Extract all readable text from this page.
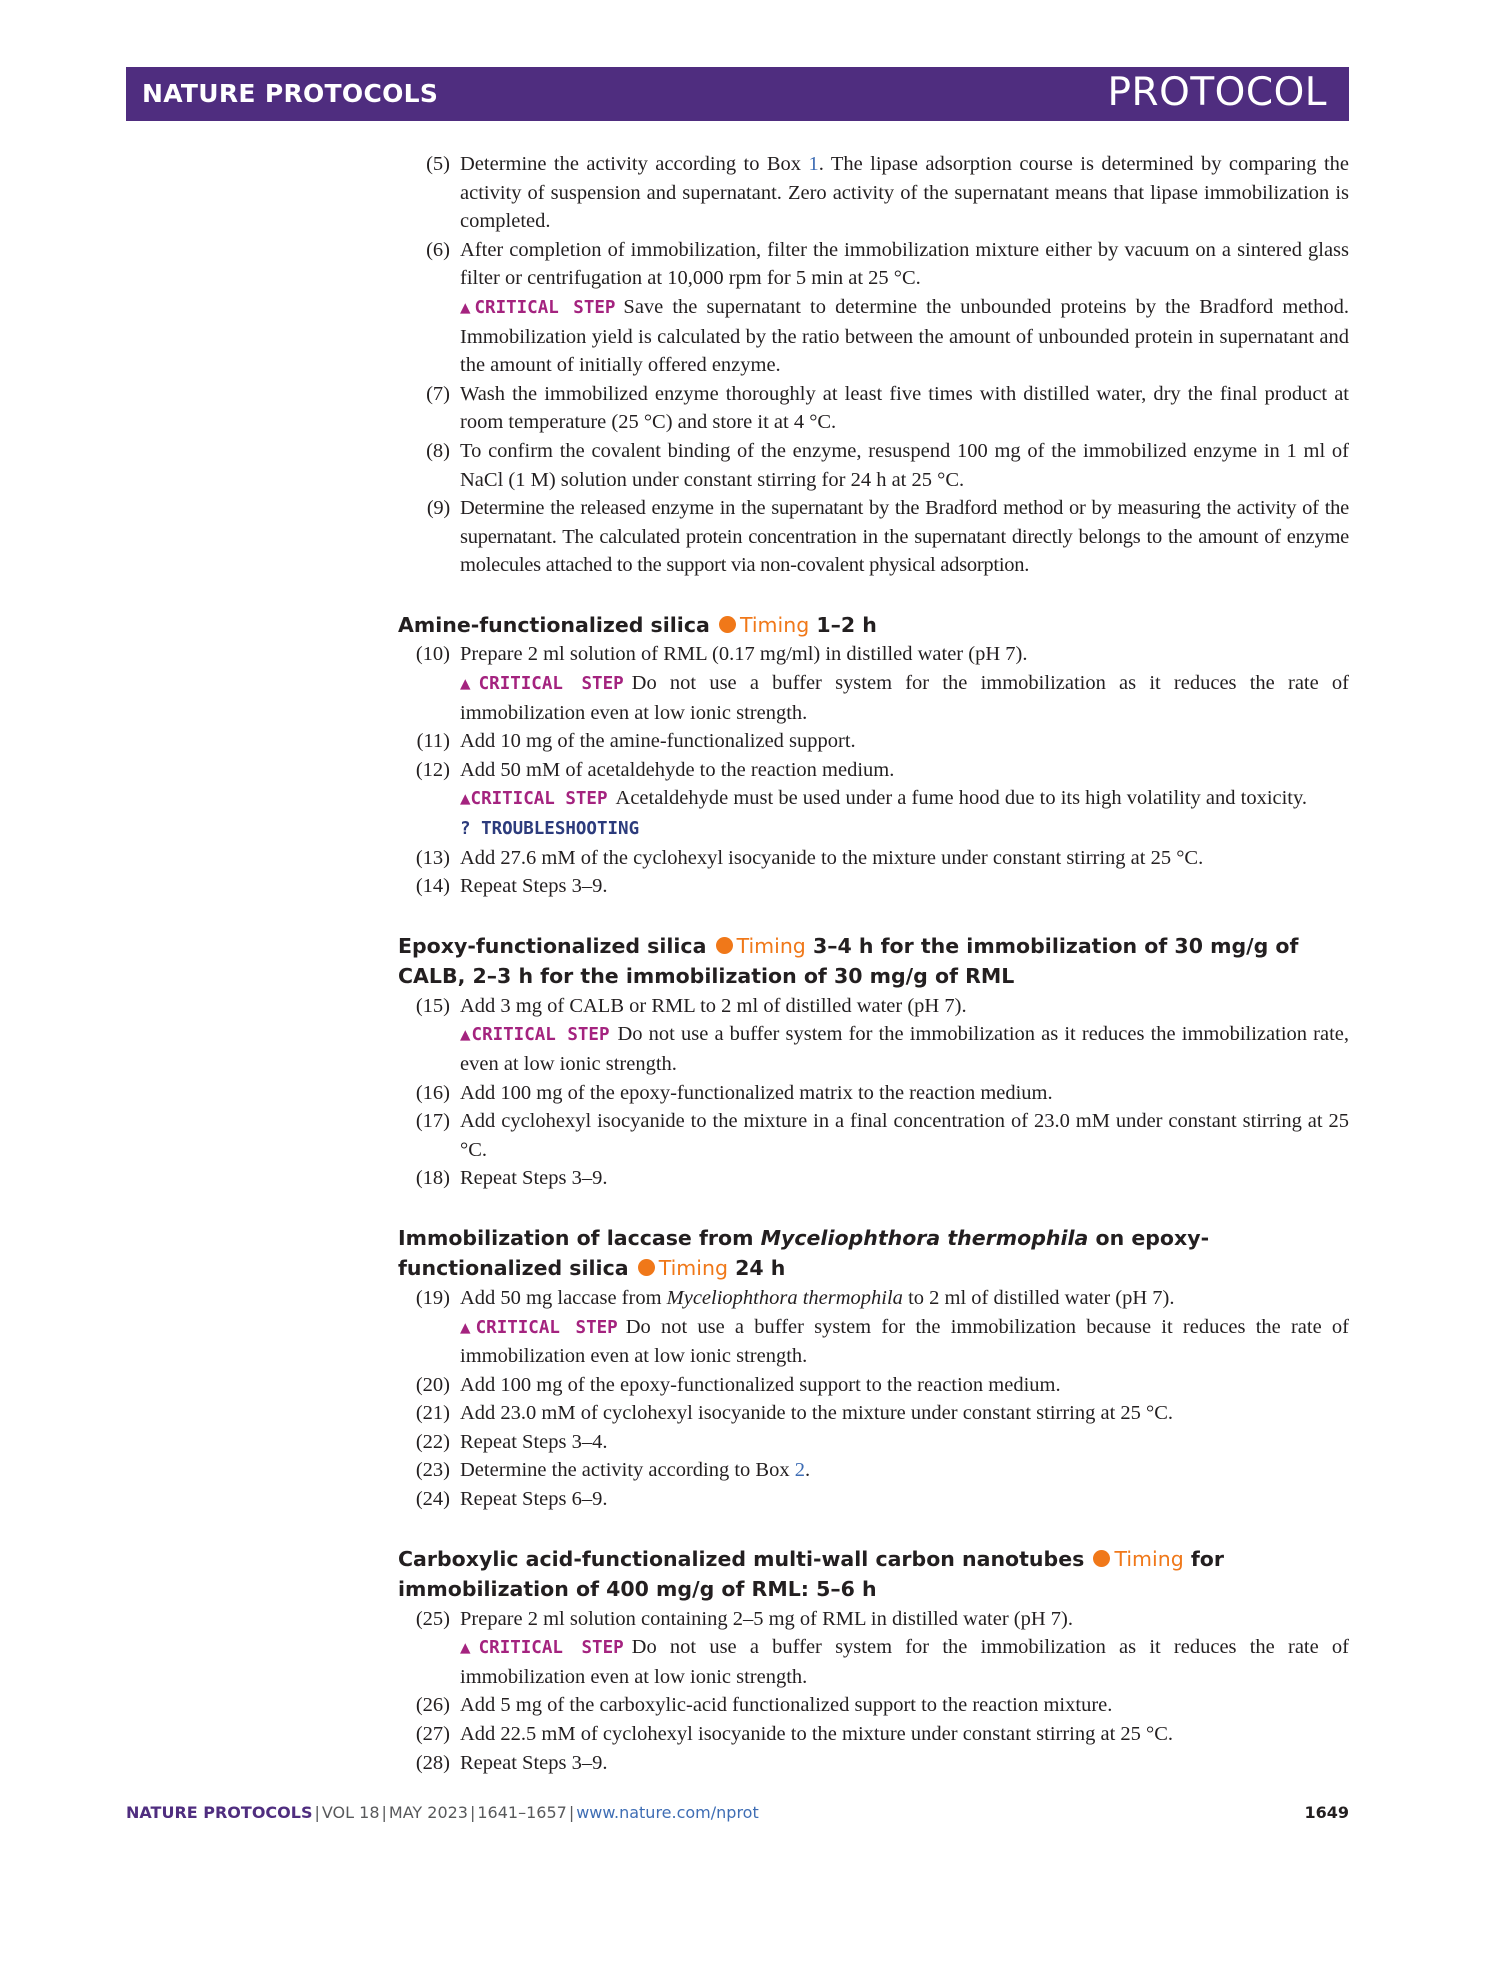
NATURE PROTOCOLS	PROTOCOL
(5) Determine the activity according to Box 1. The lipase adsorption course is determined by comparing the activity of suspension and supernatant. Zero activity of the supernatant means that lipase immobilization is completed.
(6) After completion of immobilization, filter the immobilization mixture either by vacuum on a sintered glass filter or centrifugation at 10,000 rpm for 5 min at 25 °C.
▲CRITICAL STEP Save the supernatant to determine the unbounded proteins by the Bradford method. Immobilization yield is calculated by the ratio between the amount of unbounded protein in supernatant and the amount of initially offered enzyme.
(7) Wash the immobilized enzyme thoroughly at least five times with distilled water, dry the final product at room temperature (25 °C) and store it at 4 °C.
(8) To confirm the covalent binding of the enzyme, resuspend 100 mg of the immobilized enzyme in 1 ml of NaCl (1 M) solution under constant stirring for 24 h at 25 °C.
(9) Determine the released enzyme in the supernatant by the Bradford method or by measuring the activity of the supernatant. The calculated protein concentration in the supernatant directly belongs to the amount of enzyme molecules attached to the support via non-covalent physical adsorption.
Amine-functionalized silica Timing 1–2 h
(10) Prepare 2 ml solution of RML (0.17 mg/ml) in distilled water (pH 7).
▲CRITICAL STEP Do not use a buffer system for the immobilization as it reduces the rate of immobilization even at low ionic strength.
(11) Add 10 mg of the amine-functionalized support.
(12) Add 50 mM of acetaldehyde to the reaction medium.
▲CRITICAL STEP Acetaldehyde must be used under a fume hood due to its high volatility and toxicity.
? TROUBLESHOOTING
(13) Add 27.6 mM of the cyclohexyl isocyanide to the mixture under constant stirring at 25 °C.
(14) Repeat Steps 3–9.
Epoxy-functionalized silica Timing 3–4 h for the immobilization of 30 mg/g of CALB, 2–3 h for the immobilization of 30 mg/g of RML
(15) Add 3 mg of CALB or RML to 2 ml of distilled water (pH 7).
▲CRITICAL STEP Do not use a buffer system for the immobilization as it reduces the immobilization rate, even at low ionic strength.
(16) Add 100 mg of the epoxy-functionalized matrix to the reaction medium.
(17) Add cyclohexyl isocyanide to the mixture in a final concentration of 23.0 mM under constant stirring at 25 °C.
(18) Repeat Steps 3–9.
Immobilization of laccase from Myceliophthora thermophila on epoxy-functionalized silica Timing 24 h
(19) Add 50 mg laccase from Myceliophthora thermophila to 2 ml of distilled water (pH 7).
▲CRITICAL STEP Do not use a buffer system for the immobilization because it reduces the rate of immobilization even at low ionic strength.
(20) Add 100 mg of the epoxy-functionalized support to the reaction medium.
(21) Add 23.0 mM of cyclohexyl isocyanide to the mixture under constant stirring at 25 °C.
(22) Repeat Steps 3–4.
(23) Determine the activity according to Box 2.
(24) Repeat Steps 6–9.
Carboxylic acid-functionalized multi-wall carbon nanotubes Timing for immobilization of 400 mg/g of RML: 5–6 h
(25) Prepare 2 ml solution containing 2–5 mg of RML in distilled water (pH 7).
▲CRITICAL STEP Do not use a buffer system for the immobilization as it reduces the rate of immobilization even at low ionic strength.
(26) Add 5 mg of the carboxylic-acid functionalized support to the reaction mixture.
(27) Add 22.5 mM of cyclohexyl isocyanide to the mixture under constant stirring at 25 °C.
(28) Repeat Steps 3–9.
NATURE PROTOCOLS | VOL 18 | MAY 2023 | 1641–1657 | www.nature.com/nprot	1649
